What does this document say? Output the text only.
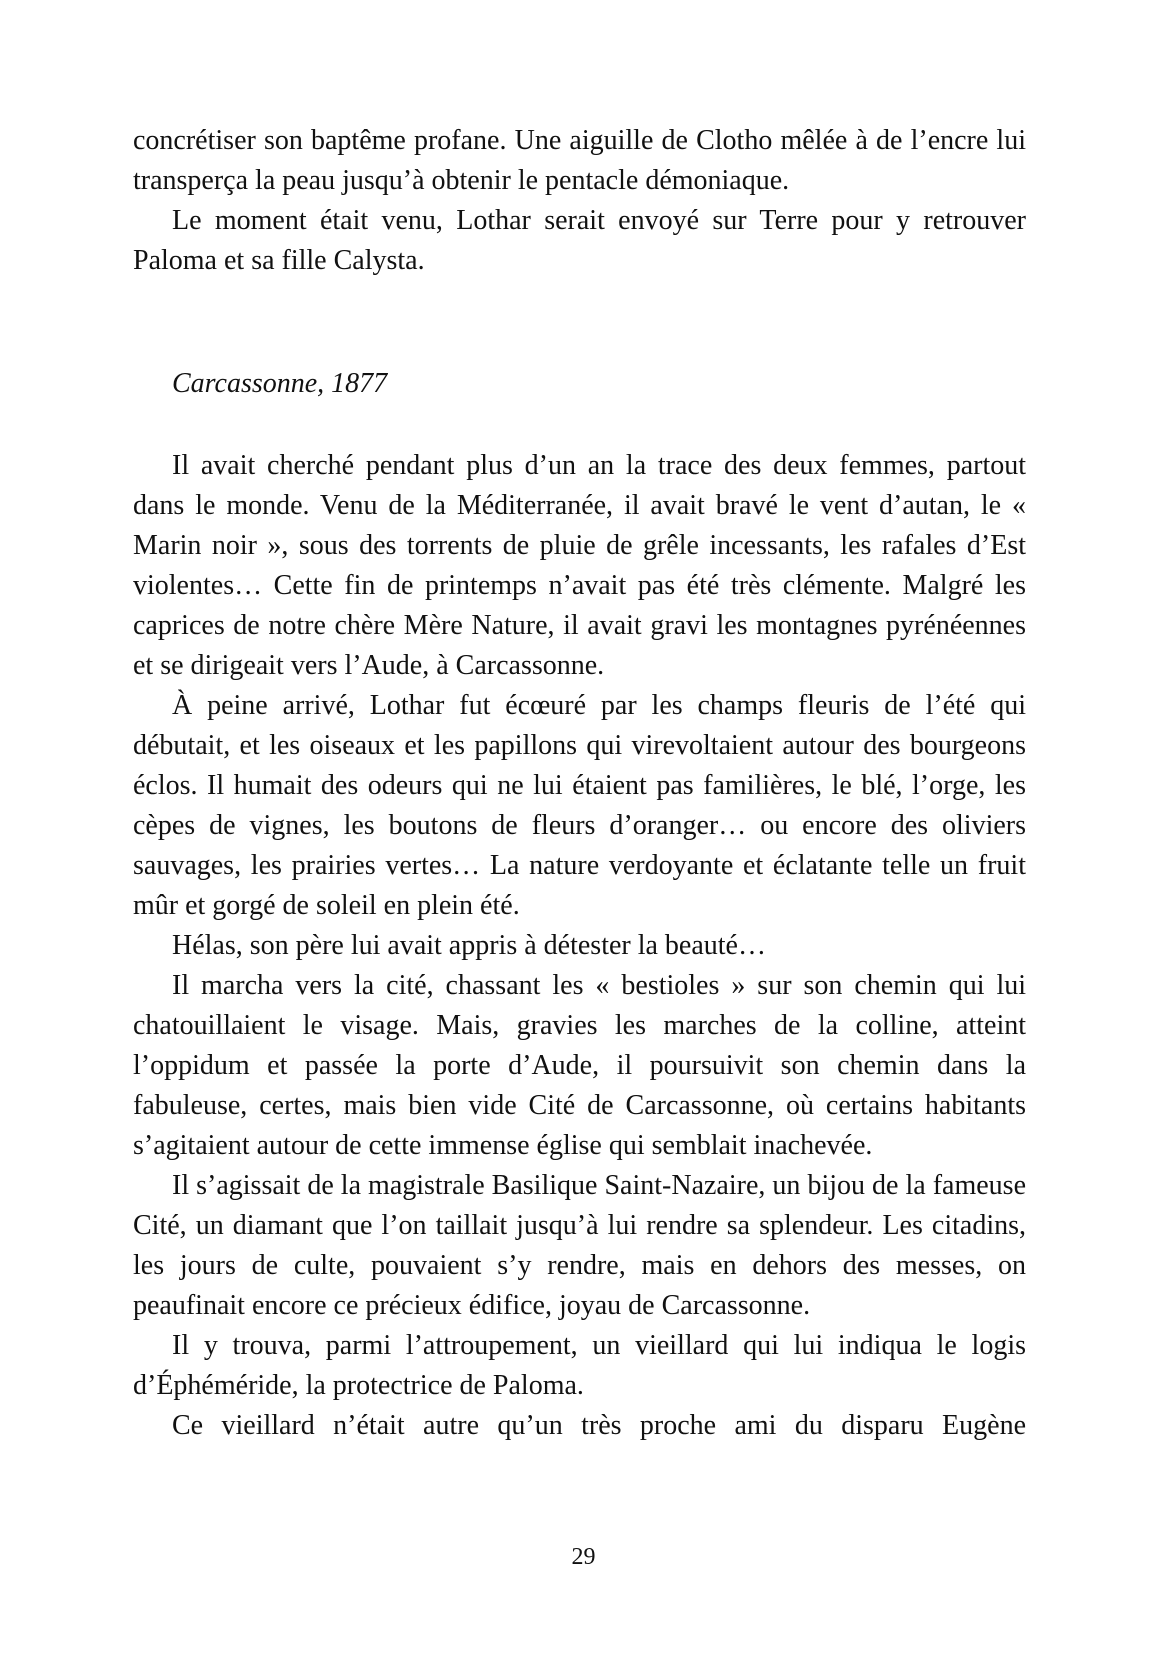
concrétiser son baptême profane. Une aiguille de Clotho mêlée à de l’encre lui transperça la peau jusqu’à obtenir le pentacle démoniaque.

Le moment était venu, Lothar serait envoyé sur Terre pour y retrouver Paloma et sa fille Calysta.

Carcassonne, 1877

Il avait cherché pendant plus d’un an la trace des deux femmes, partout dans le monde. Venu de la Méditerranée, il avait bravé le vent d’autan, le « Marin noir », sous des torrents de pluie de grêle incessants, les rafales d’Est violentes… Cette fin de printemps n’avait pas été très clémente. Malgré les caprices de notre chère Mère Nature, il avait gravi les montagnes pyrénéennes et se dirigeait vers l’Aude, à Carcassonne.

À peine arrivé, Lothar fut écœuré par les champs fleuris de l’été qui débutait, et les oiseaux et les papillons qui virevoltaient autour des bourgeons éclos. Il humait des odeurs qui ne lui étaient pas familières, le blé, l’orge, les cèpes de vignes, les boutons de fleurs d’oranger… ou encore des oliviers sauvages, les prairies vertes… La nature verdoyante et éclatante telle un fruit mûr et gorgé de soleil en plein été.

Hélas, son père lui avait appris à détester la beauté…

Il marcha vers la cité, chassant les « bestioles » sur son chemin qui lui chatouillaient le visage. Mais, gravies les marches de la colline, atteint l’oppidum et passée la porte d’Aude, il poursuivit son chemin dans la fabuleuse, certes, mais bien vide Cité de Carcassonne, où certains habitants s’agitaient autour de cette immense église qui semblait inachevée.

Il s’agissait de la magistrale Basilique Saint-Nazaire, un bijou de la fameuse Cité, un diamant que l’on taillait jusqu’à lui rendre sa splendeur. Les citadins, les jours de culte, pouvaient s’y rendre, mais en dehors des messes, on peaufinait encore ce précieux édifice, joyau de Carcassonne.

Il y trouva, parmi l’attroupement, un vieillard qui lui indiqua le logis d’Éphéméride, la protectrice de Paloma.

Ce vieillard n’était autre qu’un très proche ami du disparu Eugène

29
